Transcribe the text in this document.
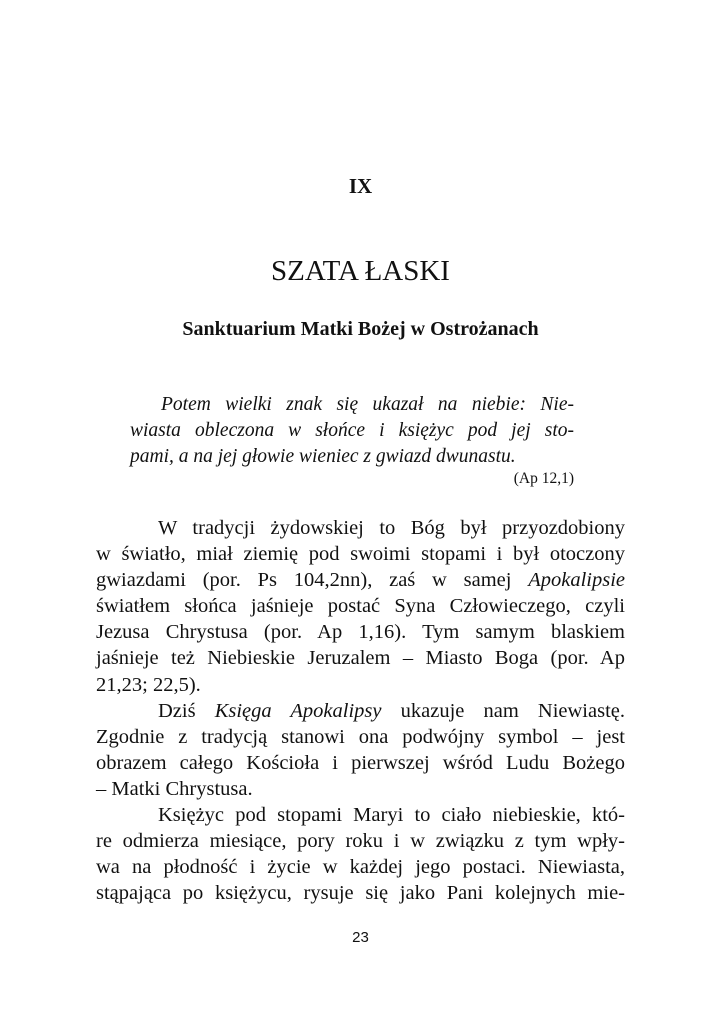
IX
SZATA ŁASKI
Sanktuarium Matki Bożej w Ostrożanach
Potem wielki znak się ukazał na niebie: Nie-
wiasta obleczona w słońce i księżyc pod jej sto-
pami, a na jej głowie wieniec z gwiazd dwunastu.
(Ap 12,1)
W tradycji żydowskiej to Bóg był przyozdobiony
w światło, miał ziemię pod swoimi stopami i był otoczony
gwiazdami (por. Ps 104,2nn), zaś w samej Apokalipsie
światłem słońca jaśnieje postać Syna Człowieczego, czyli
Jezusa Chrystusa (por. Ap 1,16). Tym samym blaskiem
jaśnieje też Niebieskie Jeruzalem – Miasto Boga (por. Ap
21,23; 22,5).
Dziś Księga Apokalipsy ukazuje nam Niewiastę.
Zgodnie z tradycją stanowi ona podwójny symbol – jest
obrazem całego Kościoła i pierwszej wśród Ludu Bożego
– Matki Chrystusa.
Księżyc pod stopami Maryi to ciało niebieskie, któ-
re odmierza miesiące, pory roku i w związku z tym wpły-
wa na płodność i życie w każdej jego postaci. Niewiasta,
stąpająca po księżycu, rysuje się jako Pani kolejnych mie-
23
